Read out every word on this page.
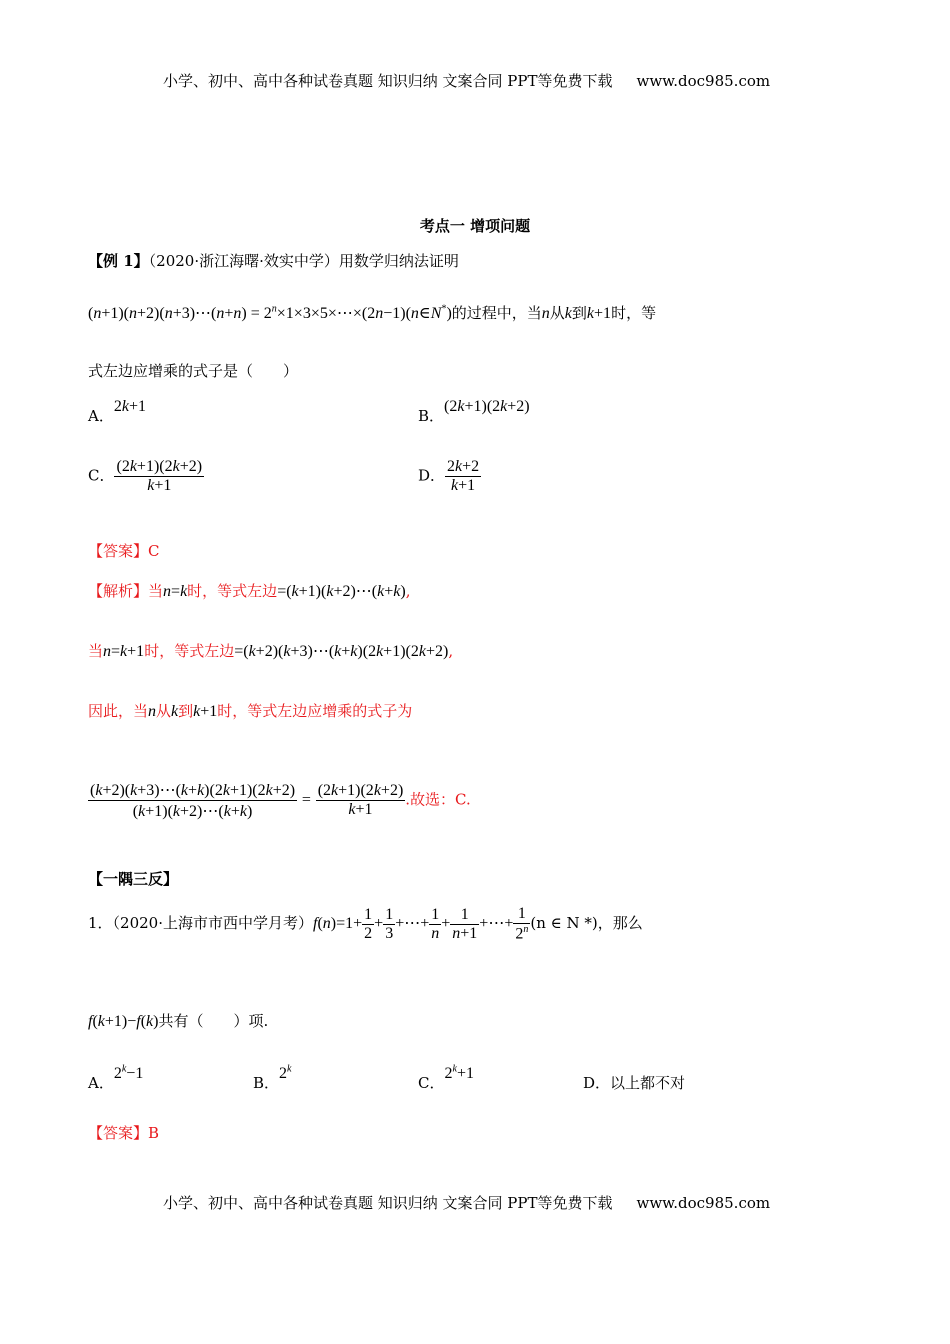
小学、初中、高中各种试卷真题 知识归纳 文案合同 PPT等免费下载 www.doc985.com
考点一 增项问题
【例 1】（2020·浙江海曙·效实中学）用数学归纳法证明
(n+1)(n+2)(n+3)⋯(n+n) = $2^n\times 1\times 3\times 5\times\cdots\times(2n-1)(n\in N^*)$的过程中，当n从k到k+1时，等
式左边应增乘的式子是（　　）
A．2k+1
B．(2k+1)(2k+2)
C． $\frac{(2k+1)(2k+2)}{k+1}$	D． $\frac{2k+2}{k+1}$
【答案】C
【解析】当n=k时，等式左边=(k+1)(k+2)⋯(k+k),
当n=k+1时，等式左边=(k+2)(k+3)⋯(k+k)(2k+1)(2k+2),
因此，当n从k到k+1时，等式左边应增乘的式子为
$\frac{(k+2)(k+3)\cdots(k+k)(2k+1)(2k+2)}{(k+1)(k+2)\cdots(k+k)} = \frac{(2k+1)(2k+2)}{k+1}$ .故选：C.
【一隅三反】
1．（2020·上海市市西中学月考）$f(n)=1+ \frac{1}{2} + \frac{1}{3}$ +⋯+ $\frac{1}{n} + \frac{1}{n+1}$ +⋯+ $\frac{1}{2^n} (n$ ∈ N *)，那么
f(k+1)−f(k)共有（　　）项.
A．$2^k-1$
B．2$^k$
C．$2^k+1$
D．以上都不对
【答案】B
小学、初中、高中各种试卷真题 知识归纳 文案合同 PPT等免费下载 www.doc985.com
